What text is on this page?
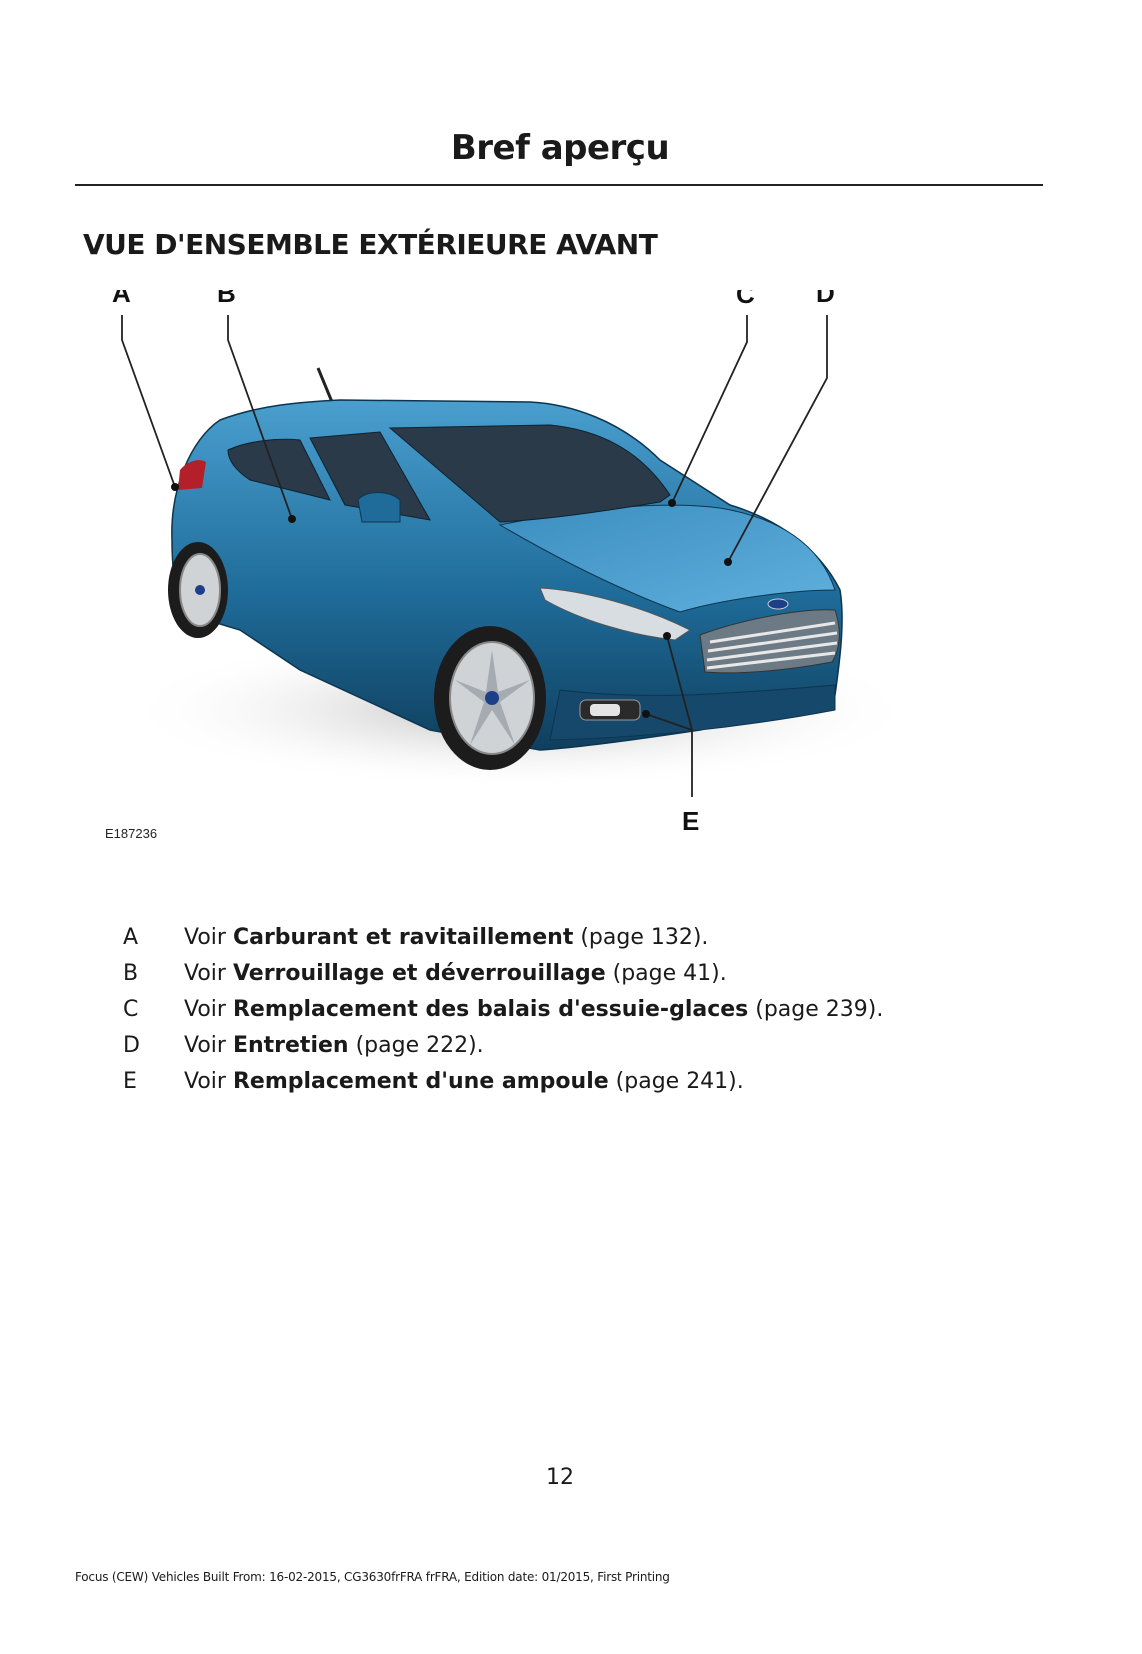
Bref aperçu
VUE D'ENSEMBLE EXTÉRIEURE AVANT
A	B	C D
E
E187236
A	Voir Carburant et ravitaillement (page 132).
B	Voir Verrouillage et déverrouillage (page 41).
C	Voir Remplacement des balais d'essuie-glaces (page 239).
D	Voir Entretien (page 222).
E	Voir Remplacement d'une ampoule (page 241).
12
Focus (CEW) Vehicles Built From: 16-02-2015, CG3630frFRA frFRA, Edition date: 01/2015, First Printing
